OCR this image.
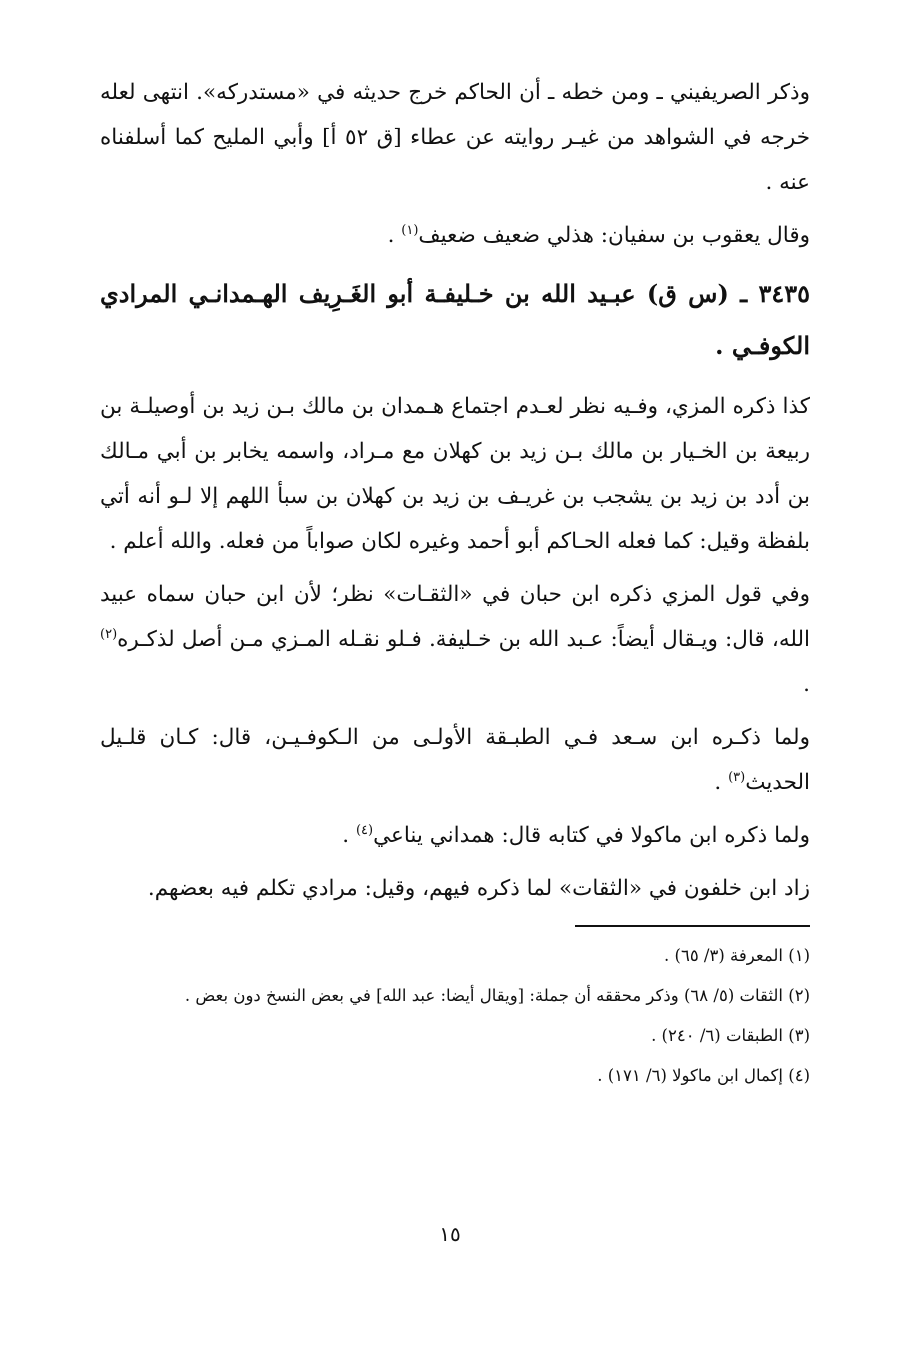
وذكر الصريفيني ـ ومن خطه ـ أن الحاكم خرج حديثه في «مستدركه». انتهى لعله خرجه في الشواهد من غيـر روايته عن عطاء [ق ٥٢ أ] وأبي المليح كما أسلفناه عنه .

وقال يعقوب بن سفيان: هذلي ضعيف ضعيف$^{(١)}$ .

٣٤٣٥ ـ (س ق) عبـيد الله بن خـليفـة أبو الغَـرِيف الهـمدانـي المرادي الكوفـي .

كذا ذكره المزي، وفـيه نظر لعـدم اجتماع هـمدان بن مالك بـن زيد بن أوصيلـة بن ربيعة بن الخـيار بن مالك بـن زيد بن كهلان مع مـراد، واسمه يخابر بن أبي مـالك بن أدد بن زيد بن يشجب بن غريـف بن زيد بن كهلان بن سبأ اللهم إلا لـو أنه أتي بلفظة وقيل: كما فعله الحـاكم أبو أحمد وغيره لكان صواباً من فعله. والله أعلم .

وفي قول المزي ذكره ابن حبان في «الثقـات» نظر؛ لأن ابن حبان سماه عبيد الله، قال: ويـقال أيضاً: عـبد الله بن خـليفة. فـلو نقـله المـزي مـن أصل لذكـره$^{(٢)}$ .

ولما ذكـره ابن سـعد فـي الطبـقة الأولـى من الـكوفـيـن، قال: كـان قلـيل الحديث$^{(٣)}$ .

ولما ذكره ابن ماكولا في كتابه قال: همداني يناعي$^{(٤)}$ .

زاد ابن خلفون في «الثقات» لما ذكره فيهم، وقيل: مرادي تكلم فيه بعضهم.

(١) المعرفة (٣/ ٦٥) .

(٢) الثقات (٥/ ٦٨) وذكر محققه أن جملة: [ويقال أيضا: عبد الله] في بعض النسخ دون بعض .

(٣) الطبقات (٦/ ٢٤٠) .

(٤) إكمال ابن ماكولا (٦/ ١٧١) .

١٥
